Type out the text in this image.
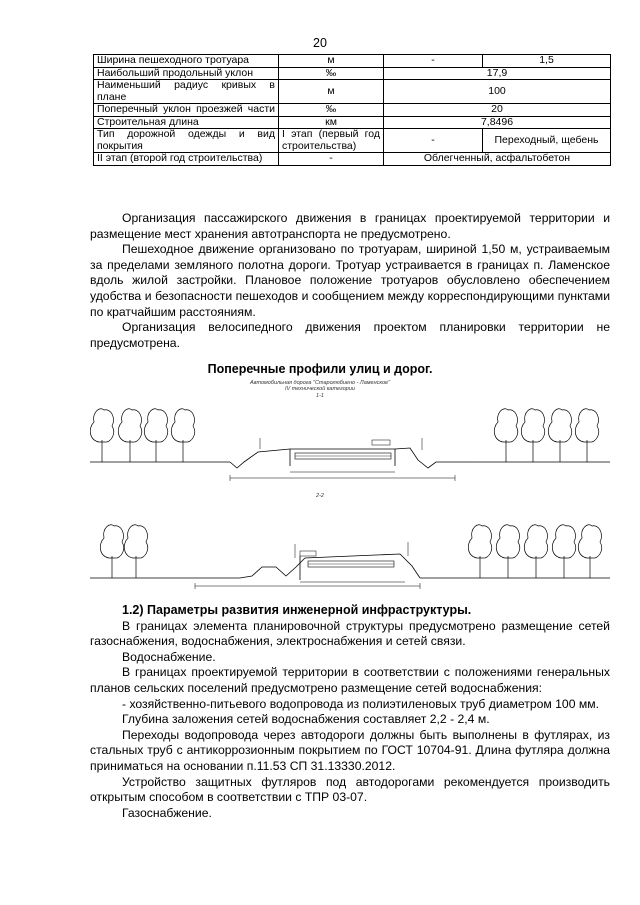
20
Ширина пешеходного тротуара	м	-	1,5
Наибольший продольный уклон	‰	17,9	
Наименьший радиус кривых в плане	м	100	
Поперечный уклон проезжей части	‰	20	
Строительная длина	км	7,8496	
Тип дорожной одежды и вид покрытия	I этап (первый год строительства)	-	Переходный, щебень
II этап (второй год строительства)	-	Облегченный, асфальтобетон	

Организация пассажирского движения в границах проектируемой территории и размещение мест хранения автотранспорта не предусмотрено.

Пешеходное движение организовано по тротуарам, шириной 1,50 м, устраиваемым за пределами земляного полотна дороги. Тротуар устраивается в границах п. Ламенское вдоль жилой застройки. Плановое положение тротуаров обусловлено обеспечением удобства и безопасности пешеходов и сообщением между корреспондирующими пунктами по кратчайшим расстояниям.

Организация велосипедного движения проектом планировки территории не предусмотрена.

Поперечные профили улиц и дорог.
Автомобильная дорога "Старолюбиено - Ламенское"
IV технической категории
1-1
2-2

1.2) Параметры развития инженерной инфраструктуры.

В границах элемента планировочной структуры предусмотрено размещение сетей газоснабжения, водоснабжения, электроснабжения и сетей связи.

Водоснабжение.

В границах проектируемой территории в соответствии с положениями генеральных планов сельских поселений предусмотрено размещение сетей водоснабжения:

- хозяйственно-питьевого водопровода из полиэтиленовых труб диаметром 100 мм.

Глубина заложения сетей водоснабжения составляет 2,2 - 2,4 м.

Переходы водопровода через автодороги должны быть выполнены в футлярах, из стальных труб с антикоррозионным покрытием по ГОСТ 10704-91. Длина футляра должна приниматься на основании п.11.53 СП 31.13330.2012.

Устройство защитных футляров под автодорогами рекомендуется производить открытым способом в соответствии с ТПР 03-07.

Газоснабжение.
